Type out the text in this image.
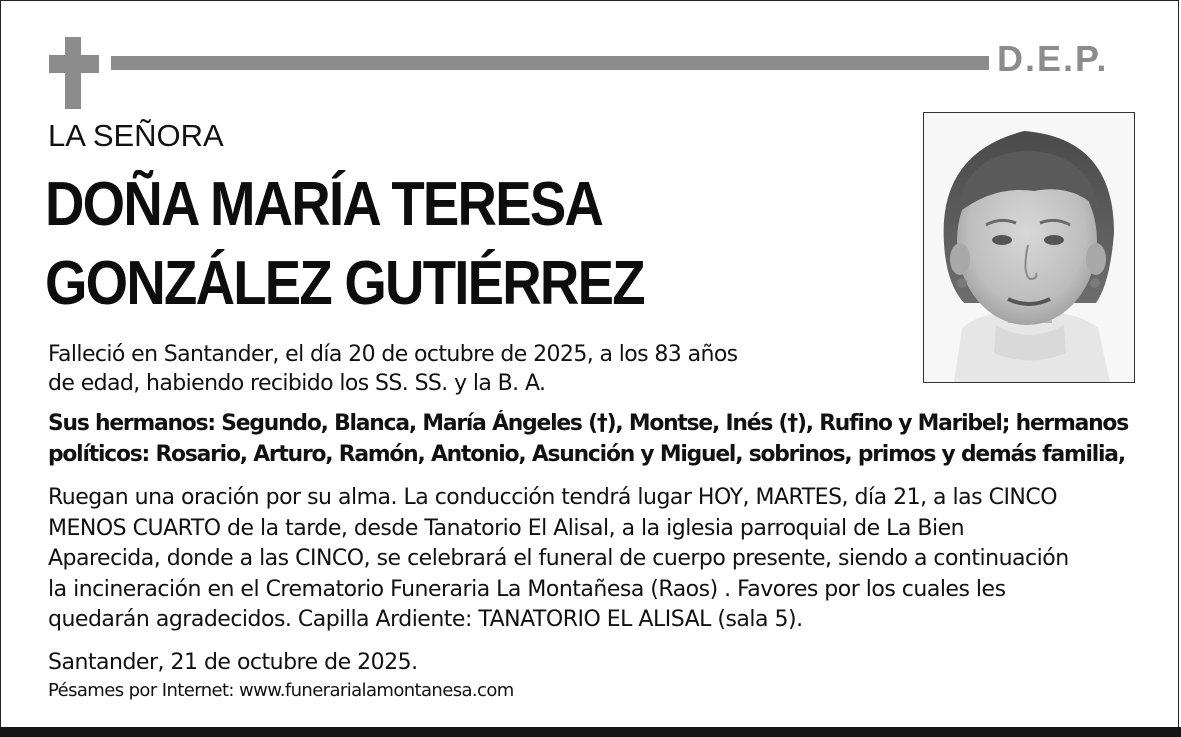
D.E.P.
LA SEÑORA
DOÑA MARÍA TERESA
GONZÁLEZ GUTIÉRREZ
Falleció en Santander, el día 20 de octubre de 2025, a los 83 años
de edad, habiendo recibido los SS. SS. y la B. A.
Sus hermanos: Segundo, Blanca, María Ángeles (†), Montse, Inés (†), Rufino y Maribel; hermanos
políticos: Rosario, Arturo, Ramón, Antonio, Asunción y Miguel, sobrinos, primos y demás familia,
Ruegan una oración por su alma. La conducción tendrá lugar HOY, MARTES, día 21, a las CINCO
MENOS CUARTO de la tarde, desde Tanatorio El Alisal, a la iglesia parroquial de La Bien
Aparecida, donde a las CINCO, se celebrará el funeral de cuerpo presente, siendo a continuación
la incineración en el Crematorio Funeraria La Montañesa (Raos) . Favores por los cuales les
quedarán agradecidos. Capilla Ardiente: TANATORIO EL ALISAL (sala 5).
Santander, 21 de octubre de 2025.
Pésames por Internet: www.funerarialamontanesa.com
